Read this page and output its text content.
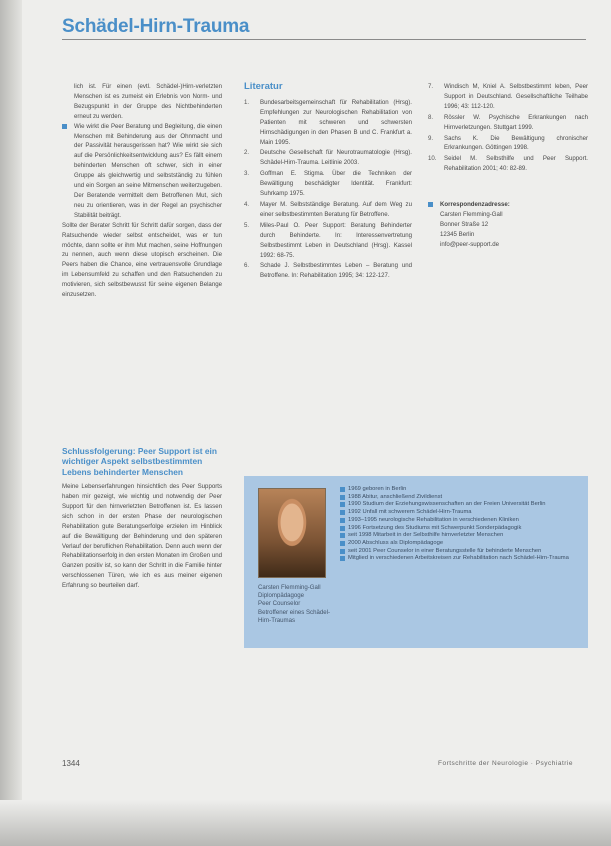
Schädel-Hirn-Trauma

lich ist. Für einen (evtl. Schädel-)Hirn-verletzten Menschen ist es zumeist ein Erlebnis von Norm- und Bezugspunkt in der Gruppe des Nichtbehinderten erneut zu werden.

Wie wirkt die Peer Beratung und Begleitung, die einen Menschen mit Behinderung aus der Ohnmacht und der Passivität herausgerissen hat? Wie wirkt sie sich auf die Persönlichkeitsentwicklung aus? Es fällt einem behinderten Menschen oft schwer, sich in einer Gruppe als gleichwertig und selbstständig zu fühlen und ein Sorgen an seine Mitmenschen weiterzugeben. Der Beratende vermittelt dem Betroffenen Mut, sich neu zu orientieren, was in der Regel an psychischer Stabilität beiträgt.

Sollte der Berater Schritt für Schritt dafür sorgen, dass der Ratsuchende wieder selbst entscheidet, was er tun möchte, dann sollte er ihm Mut machen, seine Hoffnungen zu nennen, auch wenn diese utopisch erscheinen. Die Peers haben die Chance, eine vertrauensvolle Grundlage im Lebensumfeld zu schaffen und den Ratsuchenden zu motivieren, sich selbstbewusst für seine eigenen Belange einzusetzen.

Schlussfolgerung: Peer Support ist ein wichtiger Aspekt selbstbestimmten Lebens behinderter Menschen

Meine Lebenserfahrungen hinsichtlich des Peer Supports haben mir gezeigt, wie wichtig und notwendig der Peer Support für den hirnverletzten Betroffenen ist. Es lassen sich schon in der ersten Phase der neurologischen Rehabilitation gute Beratungserfolge erzielen im Hinblick auf die Bewältigung der Behinderung und den späteren Verlauf der beruflichen Rehabilitation. Denn auch wenn der Rehabilitationserfolg in den ersten Monaten im Großen und Ganzen positiv ist, so kann der Schritt in die Familie hinter verschlossenen Türen, wie ich es aus meiner eigenen Erfahrung so beurteilen darf.

Literatur
1.	Bundesarbeitsgemeinschaft für Rehabilitation (Hrsg). Empfehlungen zur Neurologischen Rehabilitation von Patienten mit schweren und schwersten Hirnschädigungen in den Phasen B und C. Frankfurt a. Main 1995.
2.	Deutsche Gesellschaft für Neurotraumatologie (Hrsg). Schädel-Hirn-Trauma. Leitlinie 2003.
3.	Goffman E. Stigma. Über die Techniken der Bewältigung beschädigter Identität. Frankfurt: Suhrkamp 1975.
4.	Mayer M. Selbstständige Beratung. Auf dem Weg zu einer selbstbestimmten Beratung für Betroffene.
5.	Miles-Paul O. Peer Support: Beratung Behinderter durch Behinderte. In: Interessenvertretung Selbstbestimmt Leben in Deutschland (Hrsg). Kassel 1992: 68-75.
6.	Schade J. Selbstbestimmtes Leben – Beratung und Betroffene. In: Rehabilitation 1995; 34: 122-127.
7.	Windisch M, Kniel A. Selbstbestimmt leben, Peer Support in Deutschland. Gesellschaftliche Teilhabe 1996; 43: 112-120.
8.	Rössler W. Psychische Erkrankungen nach Hirnverletzungen. Stuttgart 1999.
9.	Sachs K. Die Bewältigung chronischer Erkrankungen. Göttingen 1998.
10.	Seidel M. Selbsthilfe und Peer Support. Rehabilitation 2001; 40: 82-89.
Korrespondenzadresse:
Carsten Flemming-Gall
Bonner Straße 12
12345 Berlin
info@peer-support.de
Carsten Flemming-Gall
Diplompädagoge
Peer Counselor
Betroffener eines Schädel-Hirn-Traumas
1969 geboren in Berlin
1988 Abitur, anschließend Zivildienst
1990 Studium der Erziehungswissenschaften an der Freien Universität Berlin
1992 Unfall mit schwerem Schädel-Hirn-Trauma
1993–1995 neurologische Rehabilitation in verschiedenen Kliniken
1996 Fortsetzung des Studiums mit Schwerpunkt Sonderpädagogik
seit 1998 Mitarbeit in der Selbsthilfe hirnverletzter Menschen
2000 Abschluss als Diplompädagoge
seit 2001 Peer Counselor in einer Beratungsstelle für behinderte Menschen
Mitglied in verschiedenen Arbeitskreisen zur Rehabilitation nach Schädel-Hirn-Trauma
1344	Fortschritte der Neurologie · Psychiatrie
